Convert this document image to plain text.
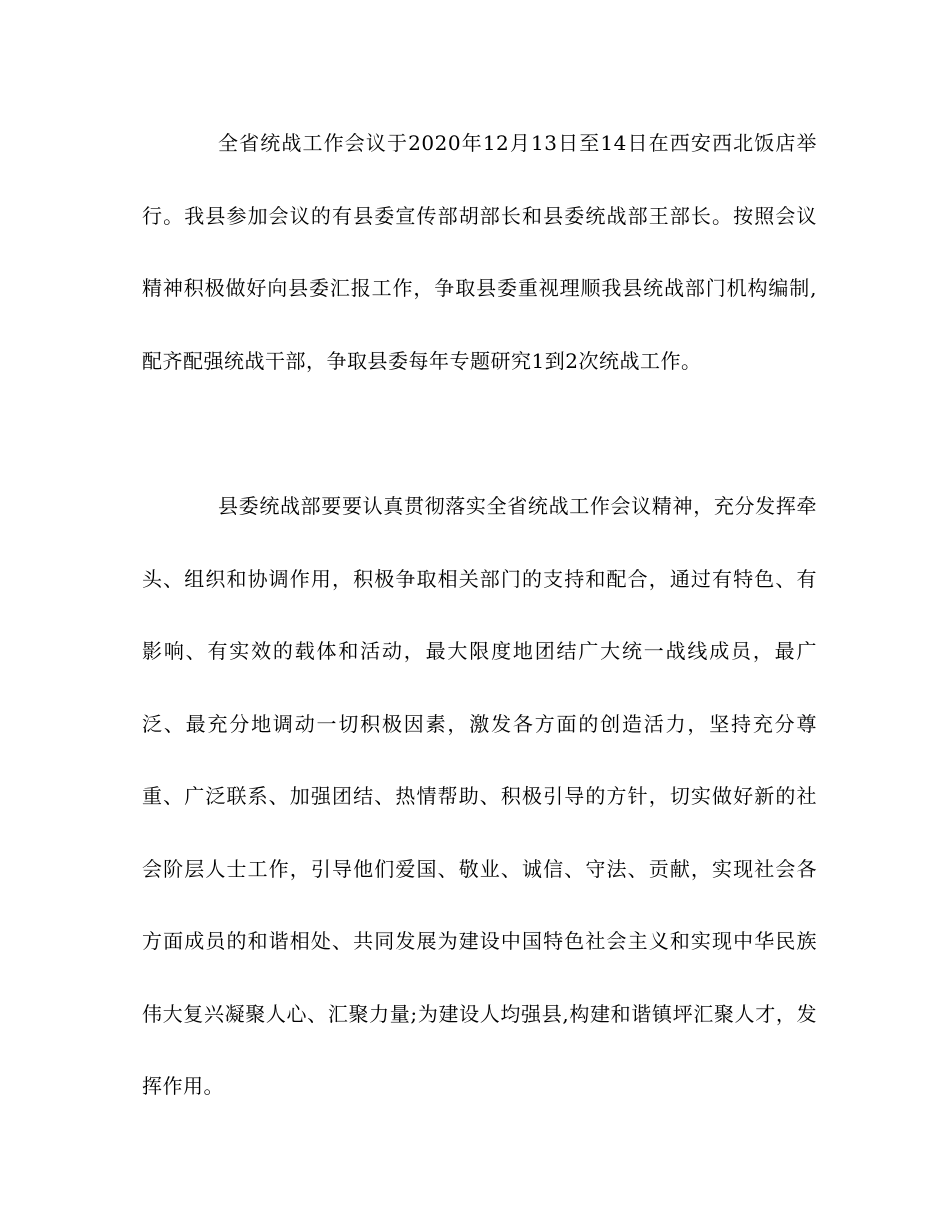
全省统战工作会议于2020年12月13日至14日在西安西北饭店举行。我县参加会议的有县委宣传部胡部长和县委统战部王部长。按照会议精神积极做好向县委汇报工作，争取县委重视理顺我县统战部门机构编制,配齐配强统战干部，争取县委每年专题研究1到2次统战工作。

县委统战部要要认真贯彻落实全省统战工作会议精神，充分发挥牵头、组织和协调作用，积极争取相关部门的支持和配合，通过有特色、有影响、有实效的载体和活动，最大限度地团结广大统一战线成员，最广泛、最充分地调动一切积极因素，激发各方面的创造活力，坚持充分尊重、广泛联系、加强团结、热情帮助、积极引导的方针，切实做好新的社会阶层人士工作，引导他们爱国、敬业、诚信、守法、贡献，实现社会各方面成员的和谐相处、共同发展为建设中国特色社会主义和实现中华民族伟大复兴凝聚人心、汇聚力量;为建设人均强县,构建和谐镇坪汇聚人才，发挥作用。
